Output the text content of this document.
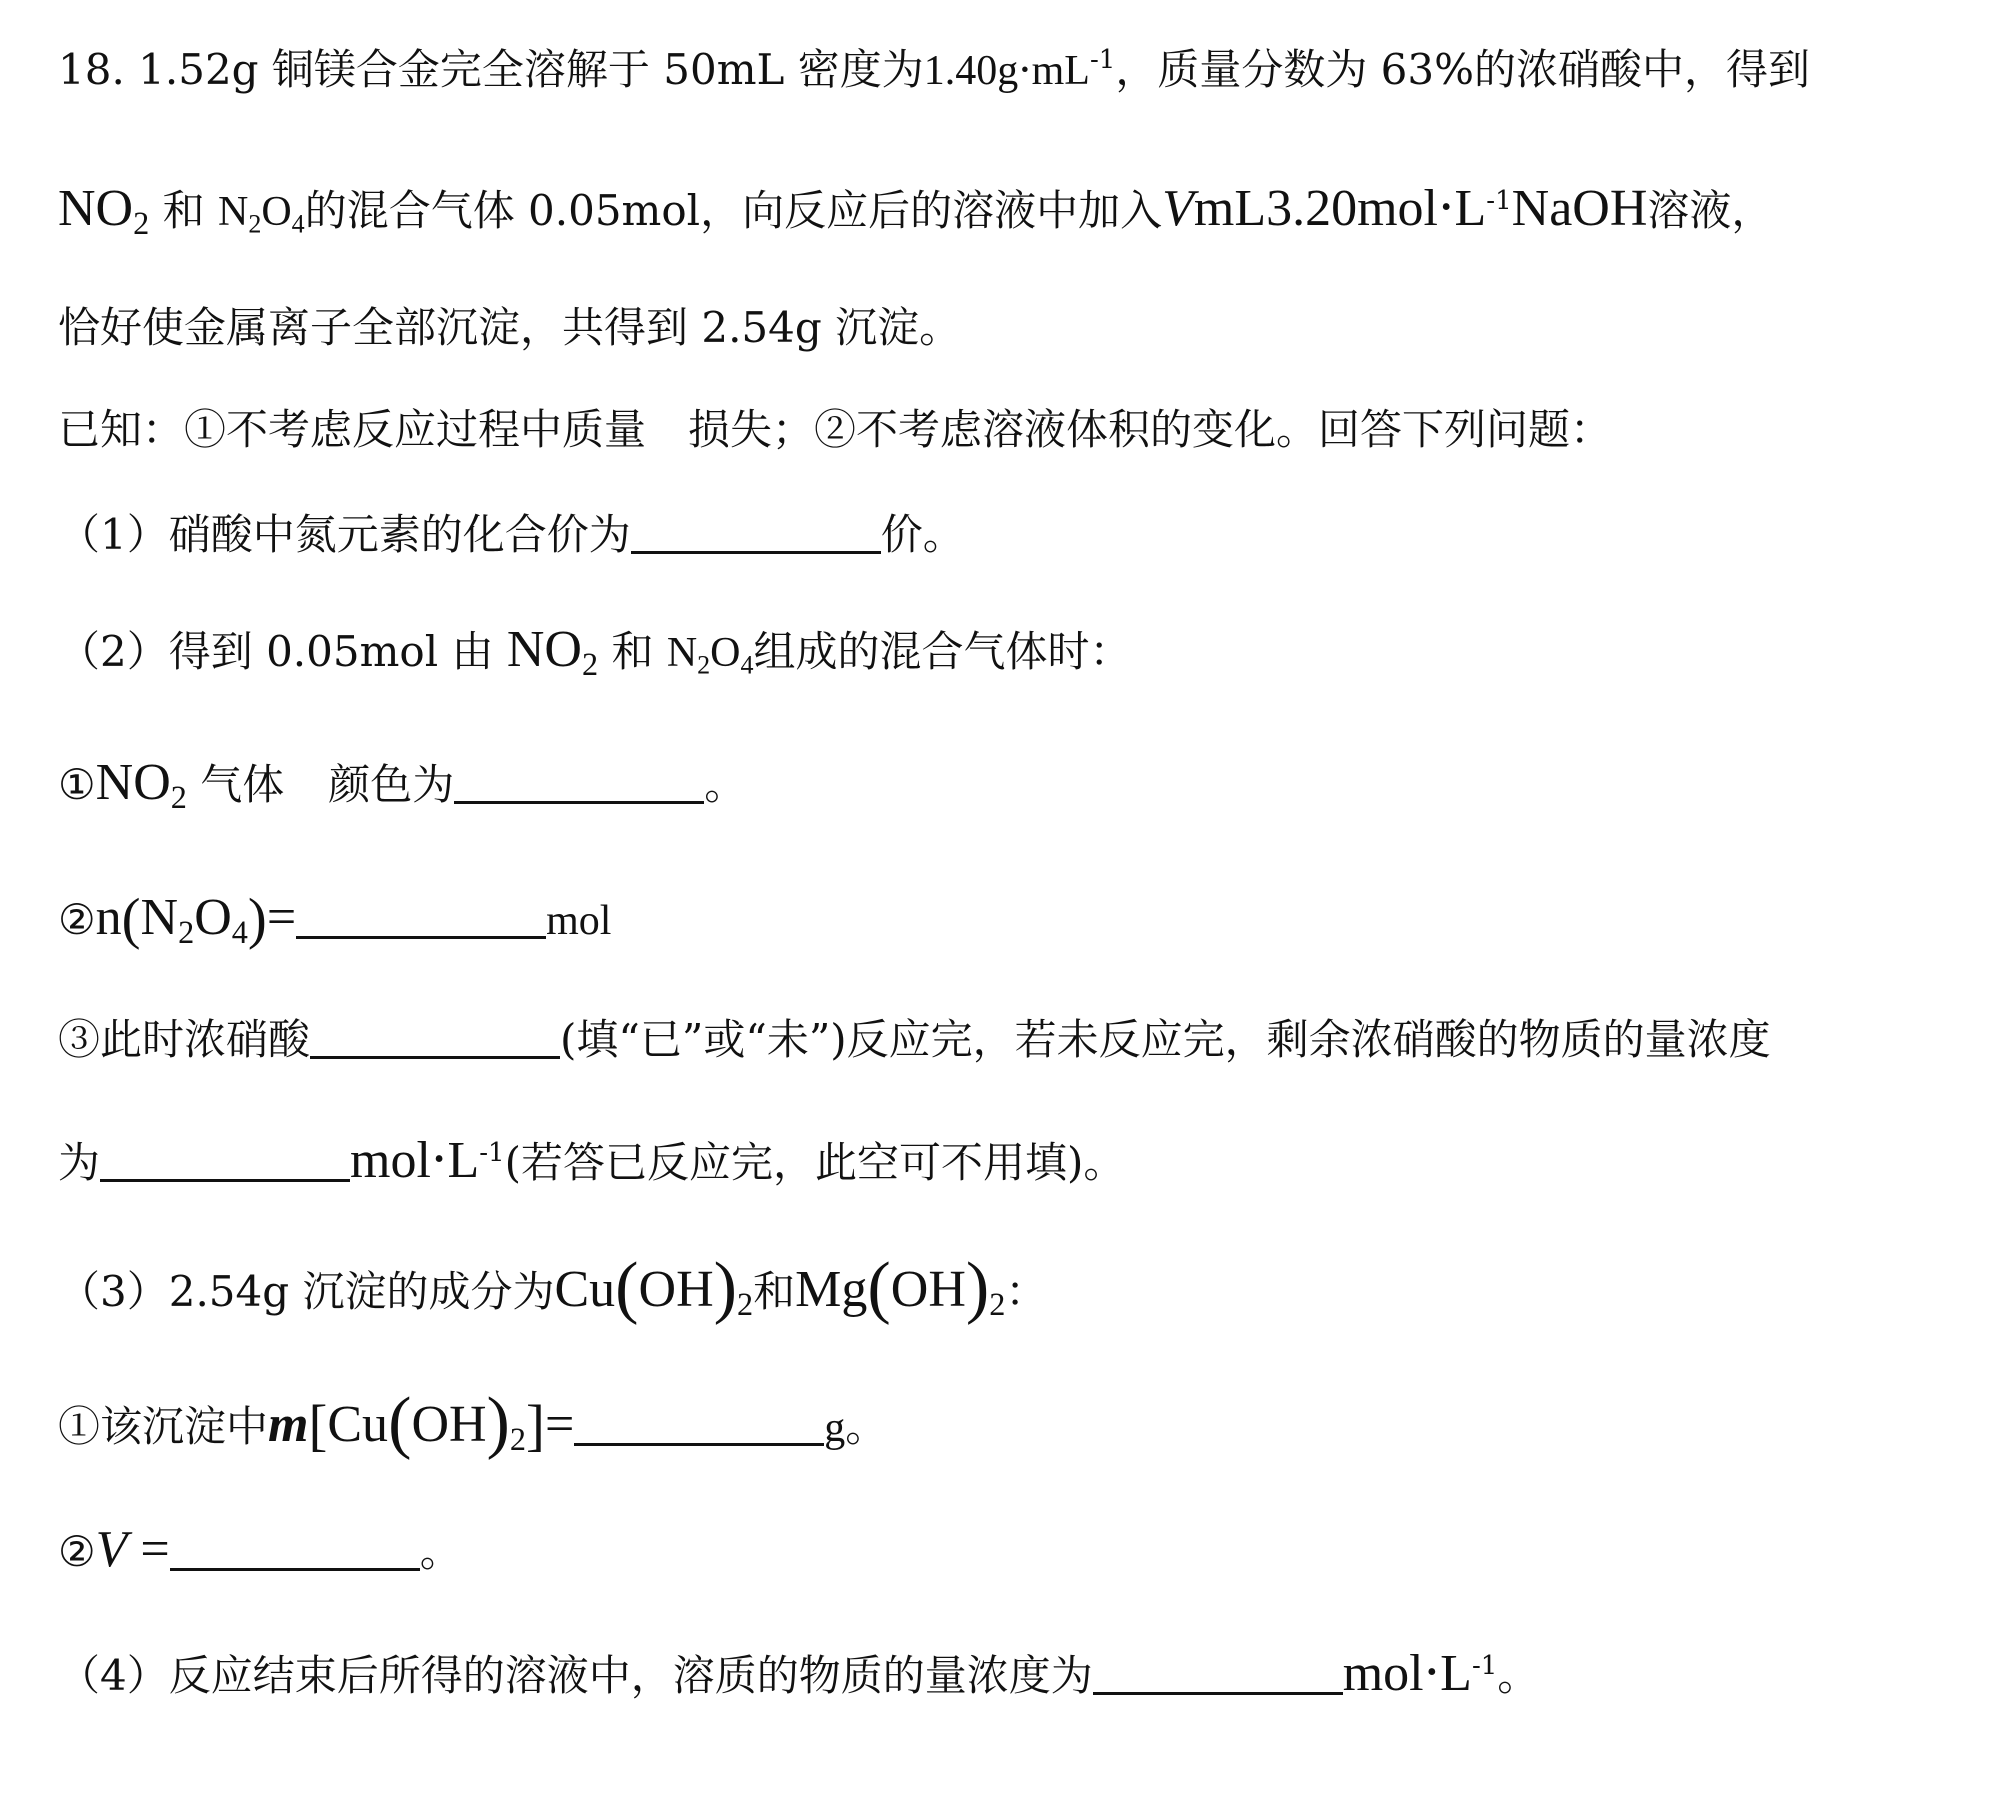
18. 1.52g 铜镁合金完全溶解于 50mL 密度为$1.40g\cdot mL^{-1}$，质量分数为 63%的浓硝酸中，得到
$NO_2$ 和 $N_2O_4$的混合气体 0.05mol，向反应后的溶液中加入$VmL3.20mol\cdot L^{-1}NaOH$溶液，
恰好使金属离子全部沉淀，共得到 2.54g 沉淀。
已知：①不考虑反应过程中质量 损失；②不考虑溶液体积的变化。回答下列问题：
（1）硝酸中氮元素的化合价为	价。
（2）得到 0.05mol 由 $NO_2$ 和 $N_2O_4$组成的混合气体时：
$①NO_2$ 气体 颜色为	。
$②n(N_2O_4)=$	mol
③此时浓硝酸	(填“已”或“未”)反应完，若未反应完，剩余浓硝酸的物质的量浓度
为	$mol\cdot L^{-1}$(若答已反应完，此空可不用填)。
（3）2.54g 沉淀的成分为$Cu(OH)_2$和$Mg(OH)_2$：
①该沉淀中$m[Cu(OH)_2]=$	g。
②V =	。
（4）反应结束后所得的溶液中，溶质的物质的量浓度为	$mol\cdot L^{-1}$。
